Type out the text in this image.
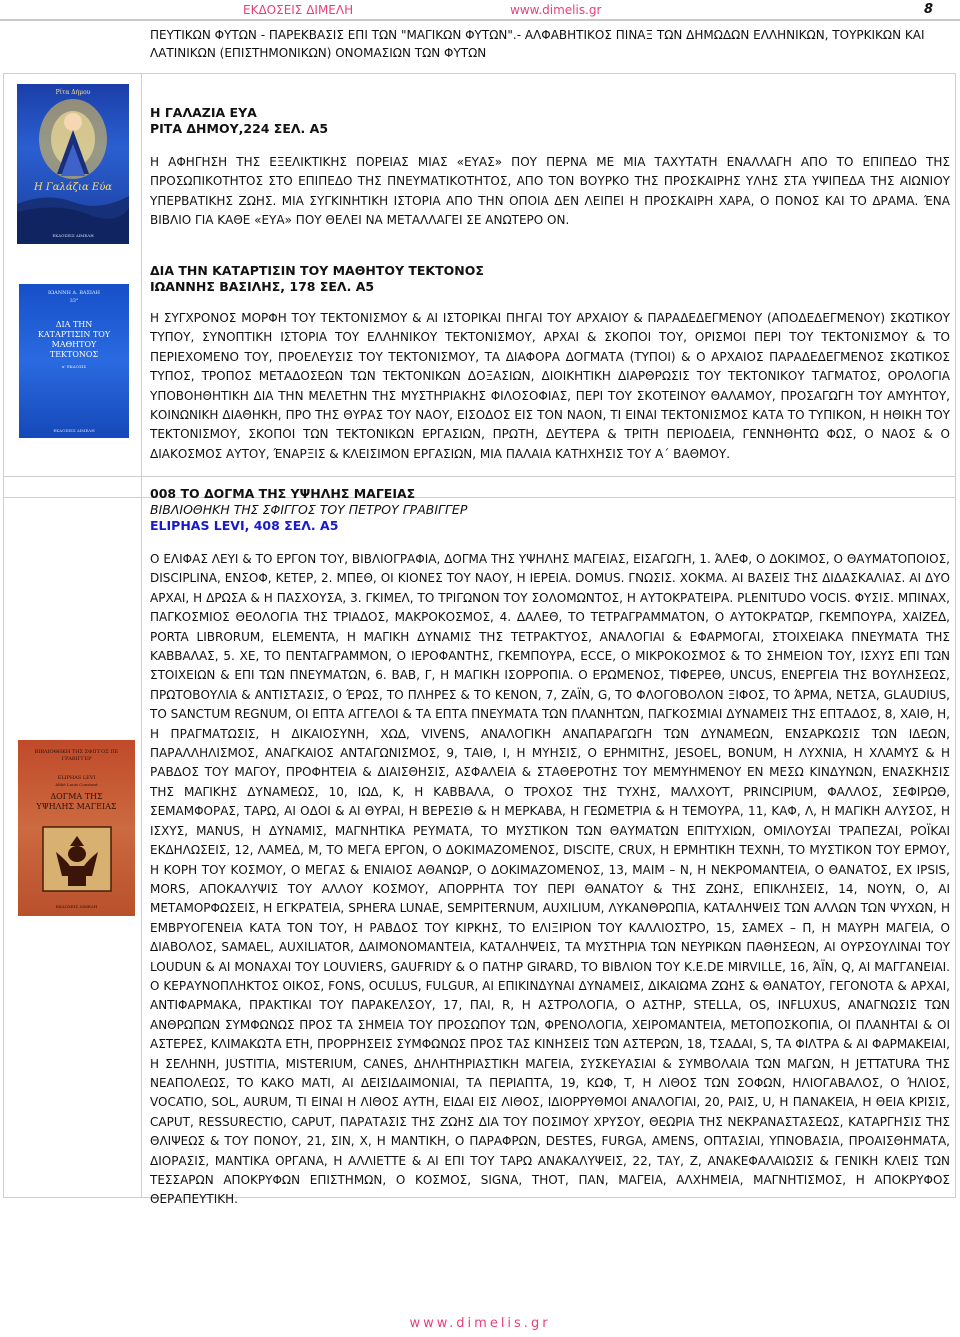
ΕΚΔΟΣΕΙΣ ΔΙΜΕΛΗ	www.dimelis.gr	8

ΠΕΥΤΙΚΩΝ ΦΥΤΩΝ - ΠΑΡΕΚΒΑΣΙΣ ΕΠΙ ΤΩΝ "ΜΑΓΙΚΩΝ ΦΥΤΩΝ".- ΑΛΦΑΒΗΤΙΚΟΣ ΠΙΝΑΞ ΤΩΝ ΔΗΜΩΔΩΝ ΕΛΛΗΝΙΚΩΝ, ΤΟΥΡΚΙΚΩΝ ΚΑΙ ΛΑΤΙΝΙΚΩΝ (ΕΠΙΣΤΗΜΟΝΙΚΩΝ) ΟΝΟΜΑΣΙΩΝ ΤΩΝ ΦΥΤΩΝ

Ρίτα Δήμου
Η Γαλάζια Εύα
ΕΚΔΟΣΕΙΣ ΔΙΜΕΛΗ

Η ΓΑΛΑΖΙΑ ΕΥΑ

ΡΙΤΑ ΔΗΜΟΥ,224 ΣΕΛ. Α5

Η ΑΦΗΓΗΣΗ ΤΗΣ ΕΞΕΛΙΚΤΙΚΗΣ ΠΟΡΕΙΑΣ ΜΙΑΣ «ΕΥΑΣ» ΠΟΥ ΠΕΡΝΑ ΜΕ ΜΙΑ ΤΑΧΥΤΑΤΗ ΕΝΑΛΛΑΓΗ ΑΠΟ ΤΟ ΕΠΙΠΕΔΟ ΤΗΣ ΠΡΟΣΩΠΙΚΟΤΗΤΟΣ ΣΤΟ ΕΠΙΠΕΔΟ ΤΗΣ ΠΝΕΥΜΑΤΙΚΟΤΗΤΟΣ, ΑΠΟ ΤΟΝ ΒΟΥΡΚΟ ΤΗΣ ΠΡΟΣΚΑΙΡΗΣ ΥΛΗΣ ΣΤΑ ΥΨΙΠΕΔΑ ΤΗΣ ΑΙΩΝΙΟΥ ΥΠΕΡΒΑΤΙΚΗΣ ΖΩΗΣ. ΜΙΑ ΣΥΓΚΙΝΗΤΙΚΗ ΙΣΤΟΡΙΑ ΑΠΟ ΤΗΝ ΟΠΟΙΑ ΔΕΝ ΛΕΙΠΕΙ Η ΠΡΟΣΚΑΙΡΗ ΧΑΡΑ, Ο ΠΟΝΟΣ ΚΑΙ ΤΟ ΔΡΑΜΑ. ΈΝΑ ΒΙΒΛΙΟ ΓΙΑ ΚΑΘΕ «ΕΥΑ» ΠΟΥ ΘΕΛΕΙ ΝΑ ΜΕΤΑΛΛΑΓΕΙ ΣΕ ΑΝΩΤΕΡΟ ΟΝ.

ΙΩΑΝΝΗ Δ. ΒΑΣΙΛΗ
33°
ΔΙΑ ΤΗΝ ΚΑΤΑΡΤΙΣΙΝ ΤΟΥ ΜΑΘΗΤΟΥ ΤΕΚΤΟΝΟΣ
α' ΕΚΔΟΣΙΣ
ΕΚΔΟΣΕΙΣ ΔΙΜΕΛΗ

ΔΙΑ ΤΗΝ ΚΑΤΑΡΤΙΣΙΝ ΤΟΥ ΜΑΘΗΤΟΥ ΤΕΚΤΟΝΟΣ

ΙΩΑΝΝΗΣ ΒΑΣΙΛΗΣ, 178 ΣΕΛ. Α5

Η ΣΥΓΧΡΟΝΟΣ ΜΟΡΦΗ ΤΟΥ ΤΕΚΤΟΝΙΣΜΟΥ & ΑΙ ΙΣΤΟΡΙΚΑΙ ΠΗΓΑΙ ΤΟΥ ΑΡΧΑΙΟΥ & ΠΑΡΑΔΕΔΕΓΜΕΝΟΥ (ΑΠΟΔΕΔΕΓΜΕΝΟΥ) ΣΚΩΤΙΚΟΥ ΤΥΠΟΥ, ΣΥΝΟΠΤΙΚΗ ΙΣΤΟΡΙΑ ΤΟΥ ΕΛΛΗΝΙΚΟΥ ΤΕΚΤΟΝΙΣΜΟΥ, ΑΡΧΑΙ & ΣΚΟΠΟΙ ΤΟΥ, ΟΡΙΣΜΟΙ ΠΕΡΙ ΤΟΥ ΤΕΚΤΟΝΙΣΜΟΥ & ΤΟ ΠΕΡΙΕΧΟΜΕΝΟ ΤΟΥ, ΠΡΟΕΛΕΥΣΙΣ ΤΟΥ ΤΕΚΤΟΝΙΣΜΟΥ, ΤΑ ΔΙΑΦΟΡΑ ΔΟΓΜΑΤΑ (ΤΥΠΟΙ) & Ο ΑΡΧΑΙΟΣ ΠΑΡΑΔΕΔΕΓΜΕΝΟΣ ΣΚΩΤΙΚΟΣ ΤΥΠΟΣ, ΤΡΟΠΟΣ ΜΕΤΑΔΟΣΕΩΝ ΤΩΝ ΤΕΚΤΟΝΙΚΩΝ ΔΟΞΑΣΙΩΝ, ΔΙΟΙΚΗΤΙΚΗ ΔΙΑΡΘΡΩΣΙΣ ΤΟΥ ΤΕΚΤΟΝΙΚΟΥ ΤΑΓΜΑΤΟΣ, ΟΡΟΛΟΓΙΑ ΥΠΟΒΟΗΘΗΤΙΚΗ ΔΙΑ ΤΗΝ ΜΕΛΕΤΗΝ ΤΗΣ ΜΥΣΤΗΡΙΑΚΗΣ ΦΙΛΟΣΟΦΙΑΣ, ΠΕΡΙ ΤΟΥ ΣΚΟΤΕΙΝΟΥ ΘΑΛΑΜΟΥ, ΠΡΟΣΑΓΩΓΗ ΤΟΥ ΑΜΥΗΤΟΥ, ΚΟΙΝΩΝΙΚΗ ΔΙΑΘΗΚΗ, ΠΡΟ ΤΗΣ ΘΥΡΑΣ ΤΟΥ ΝΑΟΥ, ΕΙΣΟΔΟΣ ΕΙΣ ΤΟΝ ΝΑΟΝ, ΤΙ ΕΙΝΑΙ ΤΕΚΤΟΝΙΣΜΟΣ ΚΑΤΑ ΤΟ ΤΥΠΙΚΟΝ, Η ΗΘΙΚΗ ΤΟΥ ΤΕΚΤΟΝΙΣΜΟΥ, ΣΚΟΠΟΙ ΤΩΝ ΤΕΚΤΟΝΙΚΩΝ ΕΡΓΑΣΙΩΝ, ΠΡΩΤΗ, ΔΕΥΤΕΡΑ & ΤΡΙΤΗ ΠΕΡΙΟΔΕΙΑ, ΓΕΝΝΗΘΗΤΩ ΦΩΣ, Ο ΝΑΟΣ & Ο ΔΙΑΚΟΣΜΟΣ ΑΥΤΟΥ, ΈΝΑΡΞΙΣ & ΚΛΕΙΣΙΜΟΝ ΕΡΓΑΣΙΩΝ, ΜΙΑ ΠΑΛΑΙΑ ΚΑΤΗΧΗΣΙΣ ΤΟΥ Α΄ ΒΑΘΜΟΥ.

ΒΙΒΛΙΟΘΗΚΗ ΤΗΣ ΣΦΙΓΓΟΣ ΠΕ ΓΡΑΒΙΓΓΕΡ
ELIPHAS LEVI
Abbé Louis Constant
ΔΟΓΜΑ ΤΗΣ ΥΨΗΛΗΣ ΜΑΓΕΙΑΣ
ΕΚΔΟΣΕΙΣ ΔΙΜΕΛΗ

008 ΤΟ ΔΟΓΜΑ ΤΗΣ ΥΨΗΛΗΣ ΜΑΓΕΙΑΣ

ΒΙΒΛΙΟΘΗΚΗ ΤΗΣ ΣΦΙΓΓΟΣ ΤΟΥ ΠΕΤΡΟΥ ΓΡΑΒΙΓΓΕΡ

ELIPHAS LEVI, 408 ΣΕΛ. Α5

Ο ΕΛΙΦΑΣ ΛΕΥΙ & ΤΟ ΕΡΓΟΝ ΤΟΥ, ΒΙΒΛΙΟΓΡΑΦΙΑ, ΔΟΓΜΑ ΤΗΣ ΥΨΗΛΗΣ ΜΑΓΕΙΑΣ, ΕΙΣΑΓΩΓΗ, 1. ΆΛΕΦ, Ο ΔΟΚΙΜΟΣ, Ο ΘΑΥΜΑΤΟΠΟΙΟΣ, DISCIPLINA, ΕΝΣΟΦ, ΚΕΤΕΡ, 2. ΜΠΕΘ, ΟΙ ΚΙΟΝΕΣ ΤΟΥ ΝΑΟΥ, Η ΙΕΡΕΙΑ. DOMUS. ΓΝΩΣΙΣ. ΧΟΚΜΑ. ΑΙ ΒΑΣΕΙΣ ΤΗΣ ΔΙΔΑΣΚΑΛΙΑΣ. ΑΙ ΔΥΟ ΑΡΧΑΙ, Η ΔΡΩΣΑ & Η ΠΑΣΧΟΥΣΑ, 3. ΓΚΙΜΕΛ, ΤΟ ΤΡΙΓΩΝΟΝ ΤΟΥ ΣΟΛΟΜΩΝΤΟΣ, Η ΑΥΤΟΚΡΑΤΕΙΡΑ. PLENITUDO VOCIS. ΦΥΣΙΣ. ΜΠΙΝΑΧ, ΠΑΓΚΟΣΜΙΟΣ ΘΕΟΛΟΓΙΑ ΤΗΣ ΤΡΙΑΔΟΣ, ΜΑΚΡΟΚΟΣΜΟΣ, 4. ΔΑΛΕΘ, ΤΟ ΤΕΤΡΑΓΡΑΜΜΑΤΟΝ, Ο ΑΥΤΟΚΡΑΤΩΡ, ΓΚΕΜΠΟΥΡΑ, ΧΑΙΖΕΔ, PORTA LIBRORUM, ELEMENTA, Η ΜΑΓΙΚΗ ΔΥΝΑΜΙΣ ΤΗΣ ΤΕΤΡΑΚΤΥΟΣ, ΑΝΑΛΟΓΙΑΙ & ΕΦΑΡΜΟΓΑΙ, ΣΤΟΙΧΕΙΑΚΑ ΠΝΕΥΜΑΤΑ ΤΗΣ ΚΑΒΒΑΛΑΣ, 5. ΧΕ, ΤΟ ΠΕΝΤΑΓΡΑΜΜΟΝ, Ο ΙΕΡΟΦΑΝΤΗΣ, ΓΚΕΜΠΟΥΡΑ, ECCE, Ο ΜΙΚΡΟΚΟΣΜΟΣ & ΤΟ ΣΗΜΕΙΟΝ ΤΟΥ, ΙΣΧΥΣ ΕΠΙ ΤΩΝ ΣΤΟΙΧΕΙΩΝ & ΕΠΙ ΤΩΝ ΠΝΕΥΜΑΤΩΝ, 6. ΒΑΒ, Γ, Η ΜΑΓΙΚΗ ΙΣΟΡΡΟΠΙΑ. Ο ΕΡΩΜΕΝΟΣ, ΤΙΦΕΡΕΘ, UNCUS, ΕΝΕΡΓΕΙΑ ΤΗΣ ΒΟΥΛΗΣΕΩΣ, ΠΡΩΤΟΒΟΥΛΙΑ & ΑΝΤΙΣΤΑΣΙΣ, Ο ΈΡΩΣ, ΤΟ ΠΛΗΡΕΣ & ΤΟ ΚΕΝΟΝ, 7, ΖΑΪΝ, G, ΤΟ ΦΛΟΓΟΒΟΛΟΝ ΞΙΦΟΣ, ΤΟ ΆΡΜΑ, ΝΕΤΣΑ, GLAUDIUS, TO SANCTUM REGNUM, ΟΙ ΕΠΤΑ ΑΓΓΕΛΟΙ & ΤΑ ΕΠΤΑ ΠΝΕΥΜΑΤΑ ΤΩΝ ΠΛΑΝΗΤΩΝ, ΠΑΓΚΟΣΜΙΑΙ ΔΥΝΑΜΕΙΣ ΤΗΣ ΕΠΤΑΔΟΣ, 8, ΧΑΙΘ, Η, Η ΠΡΑΓΜΑΤΩΣΙΣ, Η ΔΙΚΑΙΟΣΥΝΗ, ΧΩΔ, VIVENS, ΑΝΑΛΟΓΙΚΗ ΑΝΑΠΑΡΑΓΩΓΗ ΤΩΝ ΔΥΝΑΜΕΩΝ, ΕΝΣΑΡΚΩΣΙΣ ΤΩΝ ΙΔΕΩΝ, ΠΑΡΑΛΛΗΛΙΣΜΟΣ, ΑΝΑΓΚΑΙΟΣ ΑΝΤΑΓΩΝΙΣΜΟΣ, 9, ΤΑΙΘ, Ι, Η ΜΥΗΣΙΣ, Ο ΕΡΗΜΙΤΗΣ, JESOEL, BONUM, Η ΛΥΧΝΙΑ, Η ΧΛΑΜΥΣ & Η ΡΑΒΔΟΣ ΤΟΥ ΜΑΓΟΥ, ΠΡΟΦΗΤΕΙΑ & ΔΙΑΙΣΘΗΣΙΣ, ΑΣΦΑΛΕΙΑ & ΣΤΑΘΕΡΟΤΗΣ ΤΟΥ ΜΕΜΥΗΜΕΝΟΥ ΕΝ ΜΕΣΩ ΚΙΝΔΥΝΩΝ, ΕΝΑΣΚΗΣΙΣ ΤΗΣ ΜΑΓΙΚΗΣ ΔΥΝΑΜΕΩΣ, 10, ΙΩΔ, Κ, Η ΚΑΒΒΑΛΑ, Ο ΤΡΟΧΟΣ ΤΗΣ ΤΥΧΗΣ, ΜΑΛΧΟΥΤ, PRINCIPIUM, ΦΑΛΛΟΣ, ΣΕΦΙΡΩΘ, ΣΕΜΑΜΦΟΡΑΣ, ΤΑΡΩ, ΑΙ ΟΔΟΙ & ΑΙ ΘΥΡΑΙ, Η ΒΕΡΕΣΙΘ & Η ΜΕΡΚΑΒΑ, Η ΓΕΩΜΕΤΡΙΑ & Η ΤΕΜΟΥΡΑ, 11, ΚΑΦ, Λ, Η ΜΑΓΙΚΗ ΑΛΥΣΟΣ, Η ΙΣΧΥΣ, MANUS, Η ΔΥΝΑΜΙΣ, ΜΑΓΝΗΤΙΚΑ ΡΕΥΜΑΤΑ, ΤΟ ΜΥΣΤΙΚΟΝ ΤΩΝ ΘΑΥΜΑΤΩΝ ΕΠΙΤΥΧΙΩΝ, ΟΜΙΛΟΥΣΑΙ ΤΡΑΠΕΖΑΙ, ΡΟΪΚΑΙ ΕΚΔΗΛΩΣΕΙΣ, 12, ΛΑΜΕΔ, Μ, ΤΟ ΜΕΓΑ ΕΡΓΟΝ, Ο ΔΟΚΙΜΑΖΟΜΕΝΟΣ, DISCITE, CRUX, Η ΕΡΜΗΤΙΚΗ ΤΕΧΝΗ, ΤΟ ΜΥΣΤΙΚΟΝ ΤΟΥ ΕΡΜΟΥ, Η ΚΟΡΗ ΤΟΥ ΚΟΣΜΟΥ, Ο ΜΕΓΑΣ & ΕΝΙΑΙΟΣ ΑΘΑΝΩΡ, Ο ΔΟΚΙΜΑΖΟΜΕΝΟΣ, 13, ΜΑΙΜ – Ν, Η ΝΕΚΡΟΜΑΝΤΕΙΑ, Ο ΘΑΝΑΤΟΣ, EX IPSIS, MORS, ΑΠΟΚΑΛΥΨΙΣ ΤΟΥ ΑΛΛΟΥ ΚΟΣΜΟΥ, ΑΠΟΡΡΗΤΑ ΤΟΥ ΠΕΡΙ ΘΑΝΑΤΟΥ & ΤΗΣ ΖΩΗΣ, ΕΠΙΚΛΗΣΕΙΣ, 14, ΝΟΥΝ, Ο, ΑΙ ΜΕΤΑΜΟΡΦΩΣΕΙΣ, Η ΕΓΚΡΑΤΕΙΑ, SPHERA LUNAE, SEMPITERNUM, AUXILIUM, ΛΥΚΑΝΘΡΩΠΙΑ, ΚΑΤΑΛΗΨΕΙΣ ΤΩΝ ΑΛΛΩΝ ΤΩΝ ΨΥΧΩΝ, Η ΕΜΒΡΥΟΓΕΝΕΙΑ ΚΑΤΑ ΤΟΝ ΤΟΥ, Η ΡΑΒΔΟΣ ΤΟΥ ΚΙΡΚΗΣ, ΤΟ ΕΛΙΞΙΡΙΟΝ ΤΟΥ ΚΑΛΛΙΟΣΤΡΟ, 15, ΣΑΜΕΧ – Π, Η ΜΑΥΡΗ ΜΑΓΕΙΑ, Ο ΔΙΑΒΟΛΟΣ, SAMAEL, AUXILIATOR, ΔΑΙΜΟΝΟΜΑΝΤΕΙΑ, ΚΑΤΑΛΗΨΕΙΣ, ΤΑ ΜΥΣΤΗΡΙΑ ΤΩΝ ΝΕΥΡΙΚΩΝ ΠΑΘΗΣΕΩΝ, ΑΙ ΟΥΡΣΟΥΛΙΝΑΙ ΤΟΥ LOUDUN & ΑΙ ΜΟΝΑΧΑΙ ΤΟΥ LOUVIERS, GAUFRIDY & Ο ΠΑΤΗΡ GIRARD, ΤΟ ΒΙΒΛΙΟΝ ΤΟΥ Κ.Ε.DE MIRVILLE, 16, ΆΪΝ, Q, ΑΙ ΜΑΓΓΑΝΕΙΑΙ. Ο ΚΕΡΑΥΝΟΠΛΗΚΤΟΣ ΟΙΚΟΣ, FONS, OCULUS, FULGUR, ΑΙ ΕΠΙΚΙΝΔΥΝΑΙ ΔΥΝΑΜΕΙΣ, ΔΙΚΑΙΩΜΑ ΖΩΗΣ & ΘΑΝΑΤΟΥ, ΓΕΓΟΝΟΤΑ & ΑΡΧΑΙ, ΑΝΤΙΦΑΡΜΑΚΑ, ΠΡΑΚΤΙΚΑΙ ΤΟΥ ΠΑΡΑΚΕΛΣΟΥ, 17, ΠΑΙ, R, Η ΑΣΤΡΟΛΟΓΙΑ, Ο ΑΣΤΗΡ, STELLA, OS, INFLUXUS, ΑΝΑΓΝΩΣΙΣ ΤΩΝ ΑΝΘΡΩΠΩΝ ΣΥΜΦΩΝΩΣ ΠΡΟΣ ΤΑ ΣΗΜΕΙΑ ΤΟΥ ΠΡΟΣΩΠΟΥ ΤΩΝ, ΦΡΕΝΟΛΟΓΙΑ, ΧΕΙΡΟΜΑΝΤΕΙΑ, ΜΕΤΟΠΟΣΚΟΠΙΑ, ΟΙ ΠΛΑΝΗΤΑΙ & ΟΙ ΑΣΤΕΡΕΣ, ΚΛΙΜΑΚΩΤΑ ΕΤΗ, ΠΡΟΡΡΗΣΕΙΣ ΣΥΜΦΩΝΩΣ ΠΡΟΣ ΤΑΣ ΚΙΝΗΣΕΙΣ ΤΩΝ ΑΣΤΕΡΩΝ, 18, ΤΣΑΔΑΙ, S, ΤΑ ΦΙΛΤΡΑ & ΑΙ ΦΑΡΜΑΚΕΙΑΙ, Η ΣΕΛΗΝΗ, JUSTITIA, MISTERIUM, CANES, ΔΗΛΗΤΗΡΙΑΣΤΙΚΗ ΜΑΓΕΙΑ, ΣΥΣΚΕΥΑΣΙΑΙ & ΣΥΜΒΟΛΑΙΑ ΤΩΝ ΜΑΓΩΝ, Η JETTATURA ΤΗΣ ΝΕΑΠΟΛΕΩΣ, ΤΟ ΚΑΚΟ ΜΑΤΙ, ΑΙ ΔΕΙΣΙΔΑΙΜΟΝΙΑΙ, ΤΑ ΠΕΡΙΑΠΤΑ, 19, ΚΩΦ, Τ, Η ΛΙΘΟΣ ΤΩΝ ΣΟΦΩΝ, ΗΛΙΟΓΑΒΑΛΟΣ, Ο ΉΛΙΟΣ, VOCATIO, SOL, AURUM, ΤΙ ΕΙΝΑΙ Η ΛΙΘΟΣ ΑΥΤΗ, ΕΙΔΑΙ ΕΙΣ ΛΙΘΟΣ, ΙΔΙΟΡΡΥΘΜΟΙ ΑΝΑΛΟΓΙΑΙ, 20, ΡΑΙΣ, U, Η ΠΑΝΑΚΕΙΑ, Η ΘΕΙΑ ΚΡΙΣΙΣ, CAPUT, RESSURECTIO, CAPUT, ΠΑΡΑΤΑΣΙΣ ΤΗΣ ΖΩΗΣ ΔΙΑ ΤΟΥ ΠΟΣΙΜΟΥ ΧΡΥΣΟΥ, ΘΕΩΡΙΑ ΤΗΣ ΝΕΚΡΑΝΑΣΤΑΣΕΩΣ, ΚΑΤΑΡΓΗΣΙΣ ΤΗΣ ΘΛΙΨΕΩΣ & ΤΟΥ ΠΟΝΟΥ, 21, ΣΙΝ, Χ, Η ΜΑΝΤΙΚΗ, Ο ΠΑΡΑΦΡΩΝ, DESTES, FURGA, AMENS, ΟΠΤΑΣΙΑΙ, ΥΠΝΟΒΑΣΙΑ, ΠΡΟΑΙΣΘΗΜΑΤΑ, ΔΙΟΡΑΣΙΣ, ΜΑΝΤΙΚΑ ΟΡΓΑΝΑ, Η ΑΛΛΙΕΤΤΕ & ΑΙ ΕΠΙ ΤΟΥ ΤΑΡΩ ΑΝΑΚΑΛΥΨΕΙΣ, 22, ΤΑΥ, Ζ, ΑΝΑΚΕΦΑΛΑΙΩΣΙΣ & ΓΕΝΙΚΗ ΚΛΕΙΣ ΤΩΝ ΤΕΣΣΑΡΩΝ ΑΠΟΚΡΥΦΩΝ ΕΠΙΣΤΗΜΩΝ, Ο ΚΟΣΜΟΣ, SIGNA, THOT, ΠΑΝ, ΜΑΓΕΙΑ, ΑΛΧΗΜΕΙΑ, ΜΑΓΝΗΤΙΣΜΟΣ, Η ΑΠΟΚΡΥΦΟΣ ΘΕΡΑΠΕΥΤΙΚΗ.

www.dimelis.gr
